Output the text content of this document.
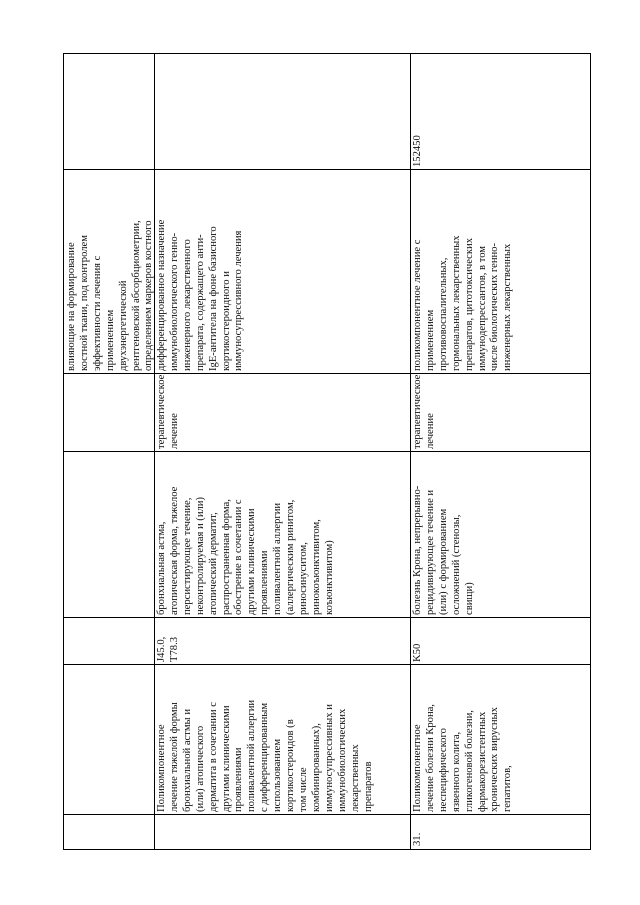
влияющие на формирование
костной ткани, под контролем
эффективности лечения с
применением
двухэнергетической
рентгеновской абсорбциометрии,
определением маркеров костного

Поликомпонентное
лечение тяжелой формы
бронхиальной астмы и
(или) атопического
дерматита в сочетании с
другими клиническими
проявлениями
поливалентной аллергии
с дифференцированным
использованием
кортикостероидов (в
том числе
комбинированных),
иммуносупрессивных и
иммунобиологических
лекарственных
препаратов
J45.0,
T78.3
бронхиальная астма,
атопическая форма, тяжелое
персистирующее течение,
неконтролируемая и (или)
атопический дерматит,
распространенная форма,
обострение в сочетании с
другими клиническими
проявлениями
поливалентной аллергии
(аллергическим ринитом,
риносинуситом,
ринокоъюнктивитом,
коъюнктивитом)
терапевтическое
лечение
дифференцированное назначение
иммунобиологического генно-
инженерного лекарственного
препарата, содержащего анти-
IgE-антитела на фоне базисного
кортикостероидного и
иммуносупрессивного лечения
31.
Поликомпонентное
лечение болезни Крона,
неспецифического
язвенного колита,
гликогеновой болезни,
фармакорезистентных
хронических вирусных
гепатитов,
K50
болезнь Крона, непрерывно-
рецидивирующее течение и
(или) с формированием
осложнений (стенозы,
свищи)
терапевтическое
лечение
поликомпонентное лечение с
применением
противовоспалительных,
гормональных лекарственных
препаратов, цитотоксических
иммунодепрессантов, в том
числе биологических генно-
инженерных лекарственных
152450
